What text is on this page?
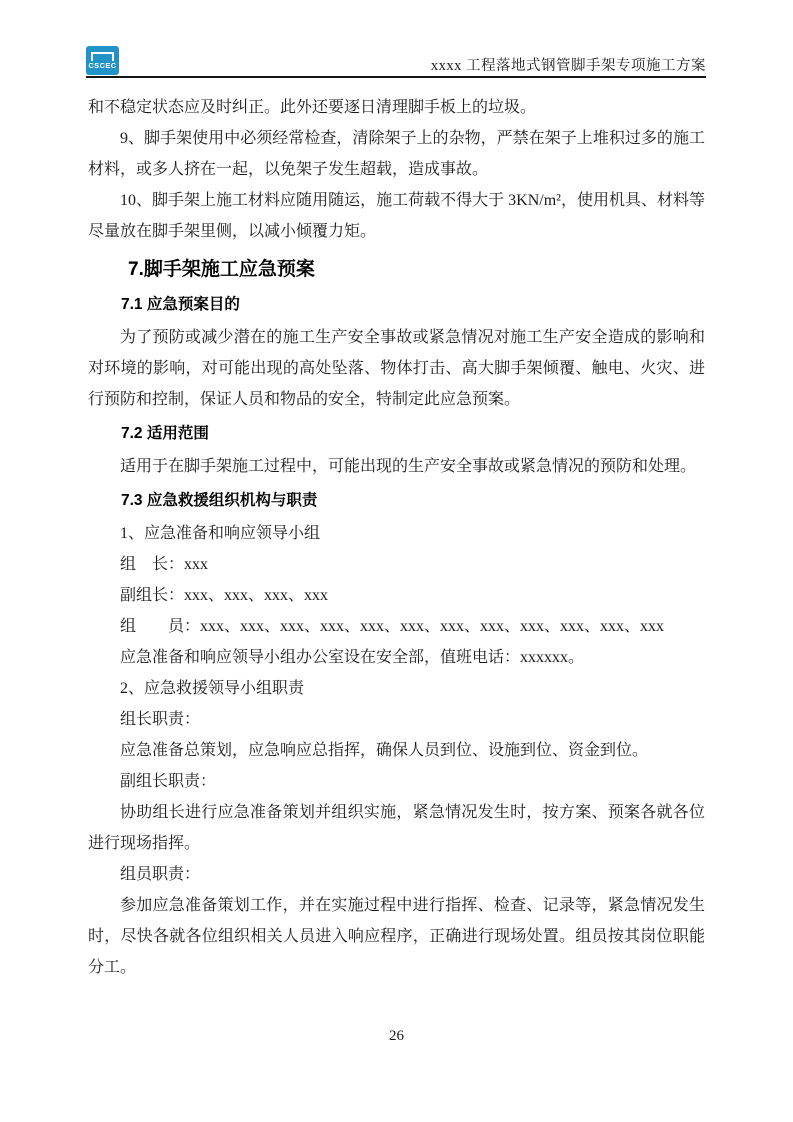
CSCEC	xxxx 工程落地式钢管脚手架专项施工方案

和不稳定状态应及时纠正。此外还要逐日清理脚手板上的垃圾。

9、脚手架使用中必须经常检查，清除架子上的杂物，严禁在架子上堆积过多的施工材料，或多人挤在一起，以免架子发生超载，造成事故。

10、脚手架上施工材料应随用随运，施工荷载不得大于 3KN/m²，使用机具、材料等尽量放在脚手架里侧，以减小倾覆力矩。

7.脚手架施工应急预案

7.1 应急预案目的

为了预防或减少潜在的施工生产安全事故或紧急情况对施工生产安全造成的影响和对环境的影响，对可能出现的高处坠落、物体打击、高大脚手架倾覆、触电、火灾、进行预防和控制，保证人员和物品的安全，特制定此应急预案。

7.2 适用范围

适用于在脚手架施工过程中，可能出现的生产安全事故或紧急情况的预防和处理。

7.3 应急救援组织机构与职责

1、应急准备和响应领导小组

组　长：xxx

副组长：xxx、xxx、xxx、xxx

组　　员：xxx、xxx、xxx、xxx、xxx、xxx、xxx、xxx、xxx、xxx、xxx、xxx

应急准备和响应领导小组办公室设在安全部，值班电话：xxxxxx。

2、应急救援领导小组职责

组长职责：

应急准备总策划，应急响应总指挥，确保人员到位、设施到位、资金到位。

副组长职责：

协助组长进行应急准备策划并组织实施，紧急情况发生时，按方案、预案各就各位进行现场指挥。

组员职责：

参加应急准备策划工作，并在实施过程中进行指挥、检查、记录等，紧急情况发生时，尽快各就各位组织相关人员进入响应程序，正确进行现场处置。组员按其岗位职能分工。

26
